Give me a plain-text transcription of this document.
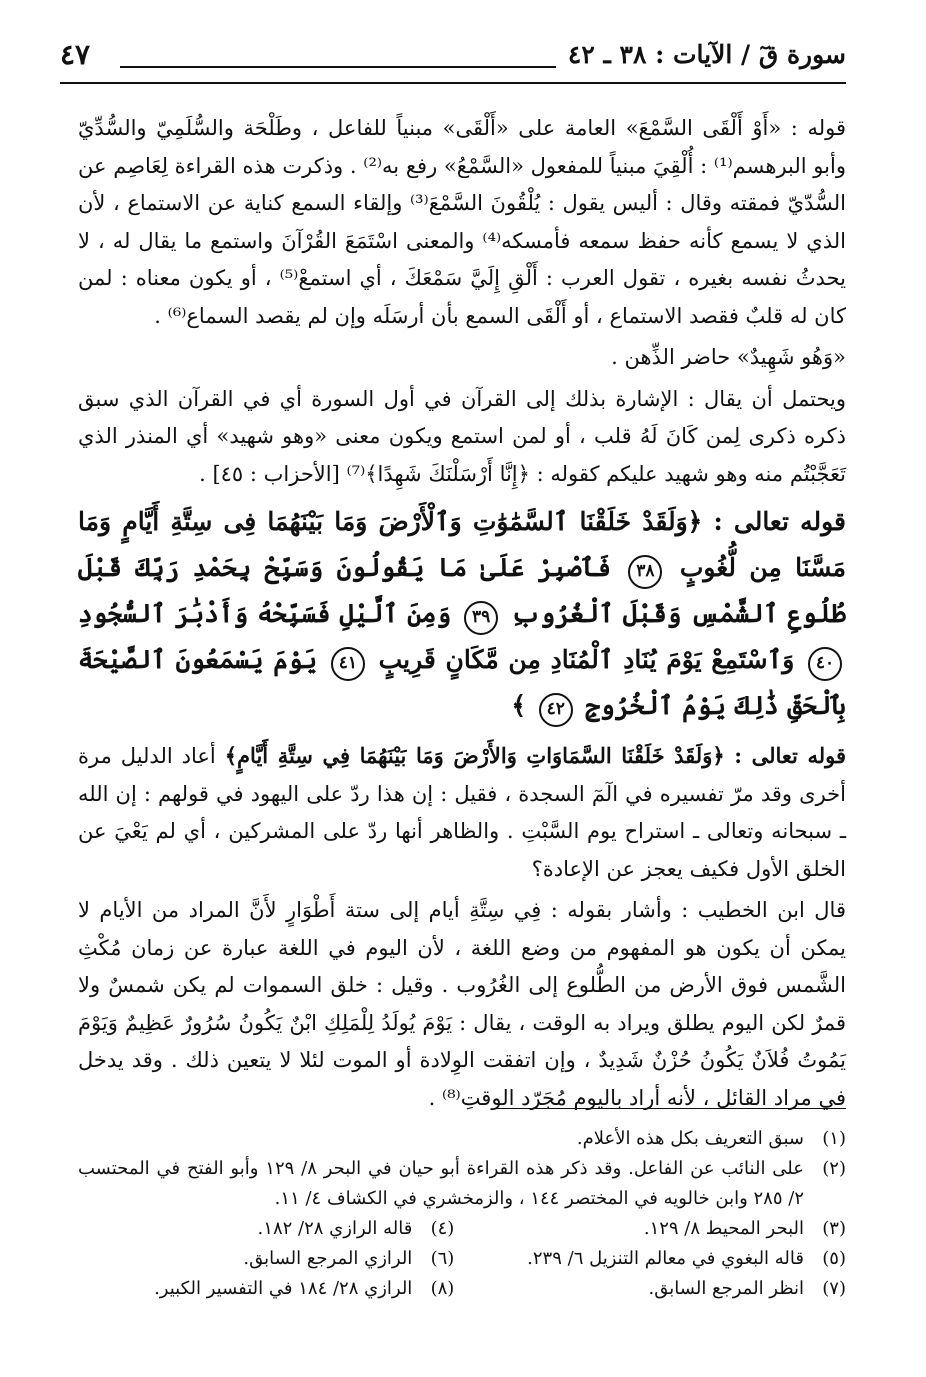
سورة قٓ / الآيات : ٣٨ ـ ٤٢
٤٧

قوله : «أَوْ أَلْقَى السَّمْعَ» العامة على «أَلْقَى» مبنياً للفاعل ، وطَلْحَة والسُّلَمِيّ والسُّدِّيّ وأبو البرهسم⁽¹⁾ : أُلْقِيَ مبنياً للمفعول «السَّمْعُ» رفع به⁽²⁾ . وذكرت هذه القراءة لِعَاصِم عن السُّدّيّ فمقته وقال : أليس يقول : يُلْقُونَ السَّمْعَ⁽³⁾ وإلقاء السمع كناية عن الاستماع ، لأن الذي لا يسمع كأنه حفظ سمعه فأمسكه⁽⁴⁾ والمعنى اسْتَمَعَ القُرْآنَ واستمع ما يقال له ، لا يحدثُ نفسه بغيره ، تقول العرب : أَلْقِ إِلَيَّ سَمْعَكَ ، أي استمعْ⁽⁵⁾ ، أو يكون معناه : لمن كان له قلبٌ فقصد الاستماع ، أو أَلْقَى السمع بأن أرسَلَه وإن لم يقصد السماع⁽⁶⁾ .

«وَهُو شَهِيدٌ» حاضر الذِّهن .

ويحتمل أن يقال : الإشارة بذلك إلى القرآن في أول السورة أي في القرآن الذي سبق ذكره ذكرى لِمن كَانَ لَهُ قلب ، أو لمن استمع ويكون معنى «وهو شهيد» أي المنذر الذي تَعَجَّبْتُم منه وهو شهيد عليكم كقوله : ﴿إِنَّا أَرْسَلْنَكَ شَهِدًا﴾⁽⁷⁾ [الأحزاب : ٤٥] .

قوله تعالى : ﴿وَلَقَدْ خَلَقْنَا ٱلسَّمَٰوَٰتِ وَٱلْأَرْضَ وَمَا بَيْنَهُمَا فِى سِتَّةِ أَيَّامٍ وَمَا مَسَّنَا مِن لُّغُوبٍ ٣٨ فَٱصْبِرْ عَلَىٰ مَا يَقُولُونَ وَسَبِّحْ بِحَمْدِ رَبِّكَ قَبْلَ طُلُوعِ ٱلشَّمْسِ وَقَبْلَ ٱلْغُرُوبِ ٣٩ وَمِنَ ٱلَّيْلِ فَسَبِّحْهُ وَأَدْبَٰرَ ٱلسُّجُودِ ٤٠ وَٱسْتَمِعْ يَوْمَ يُنَادِ ٱلْمُنَادِ مِن مَّكَانٍ قَرِيبٍ ٤١ يَوْمَ يَسْمَعُونَ ٱلصَّيْحَةَ بِٱلْحَقِّ ذَٰلِكَ يَوْمُ ٱلْخُرُوجِ ٤٢ ﴾

قوله تعالى : ﴿وَلَقَدْ خَلَقْنَا السَّمَاوَاتِ وَالأَرْضَ وَمَا بَيْنَهُمَا فِي سِتَّةِ أَيَّامٍ﴾ أعاد الدليل مرة أخرى وقد مرّ تفسيره في الٓمٓ السجدة ، فقيل : إن هذا ردّ على اليهود في قولهم : إن الله ـ سبحانه وتعالى ـ استراح يوم السَّبْتِ . والظاهر أنها ردّ على المشركين ، أي لم يَعْيَ عن الخلق الأول فكيف يعجز عن الإعادة؟

قال ابن الخطيب : وأشار بقوله : فِي سِتَّةِ أيام إلى ستة أَطْوَارٍ لأَنَّ المراد من الأيام لا يمكن أن يكون هو المفهوم من وضع اللغة ، لأن اليوم في اللغة عبارة عن زمان مُكْثِ الشَّمس فوق الأرض من الطُّلوع إلى الغُرُوب . وقيل : خلق السموات لم يكن شمسٌ ولا قمرٌ لكن اليوم يطلق ويراد به الوقت ، يقال : يَوْمَ يُولَدُ لِلْمَلِكِ ابْنٌ يَكُونُ سُرُورٌ عَظِيمٌ وَيَوْمَ يَمُوتُ فُلاَنٌ يَكُونُ حُزْنٌ شَدِيدٌ ، وإن اتفقت الوِلادة أو الموت لئلا لا يتعين ذلك . وقد يدخل في مراد القائل ، لأنه أراد باليوم مُجَرّد الوقتِ⁽⁸⁾ .

(١)
سبق التعريف بكل هذه الأعلام.
(٢)
على النائب عن الفاعل. وقد ذكر هذه القراءة أبو حيان في البحر ٨/ ١٢٩ وأبو الفتح في المحتسب ٢/ ٢٨٥ وابن خالويه في المختصر ١٤٤ ، والزمخشري في الكشاف ٤/ ١١.
(٣)
البحر المحيط ٨/ ١٢٩.
(٤)
قاله الرازي ٢٨/ ١٨٢.
(٥)
قاله البغوي في معالم التنزيل ٦/ ٢٣٩.
(٦)
الرازي المرجع السابق.
(٧)
انظر المرجع السابق.
(٨)
الرازي ٢٨/ ١٨٤ في التفسير الكبير.
